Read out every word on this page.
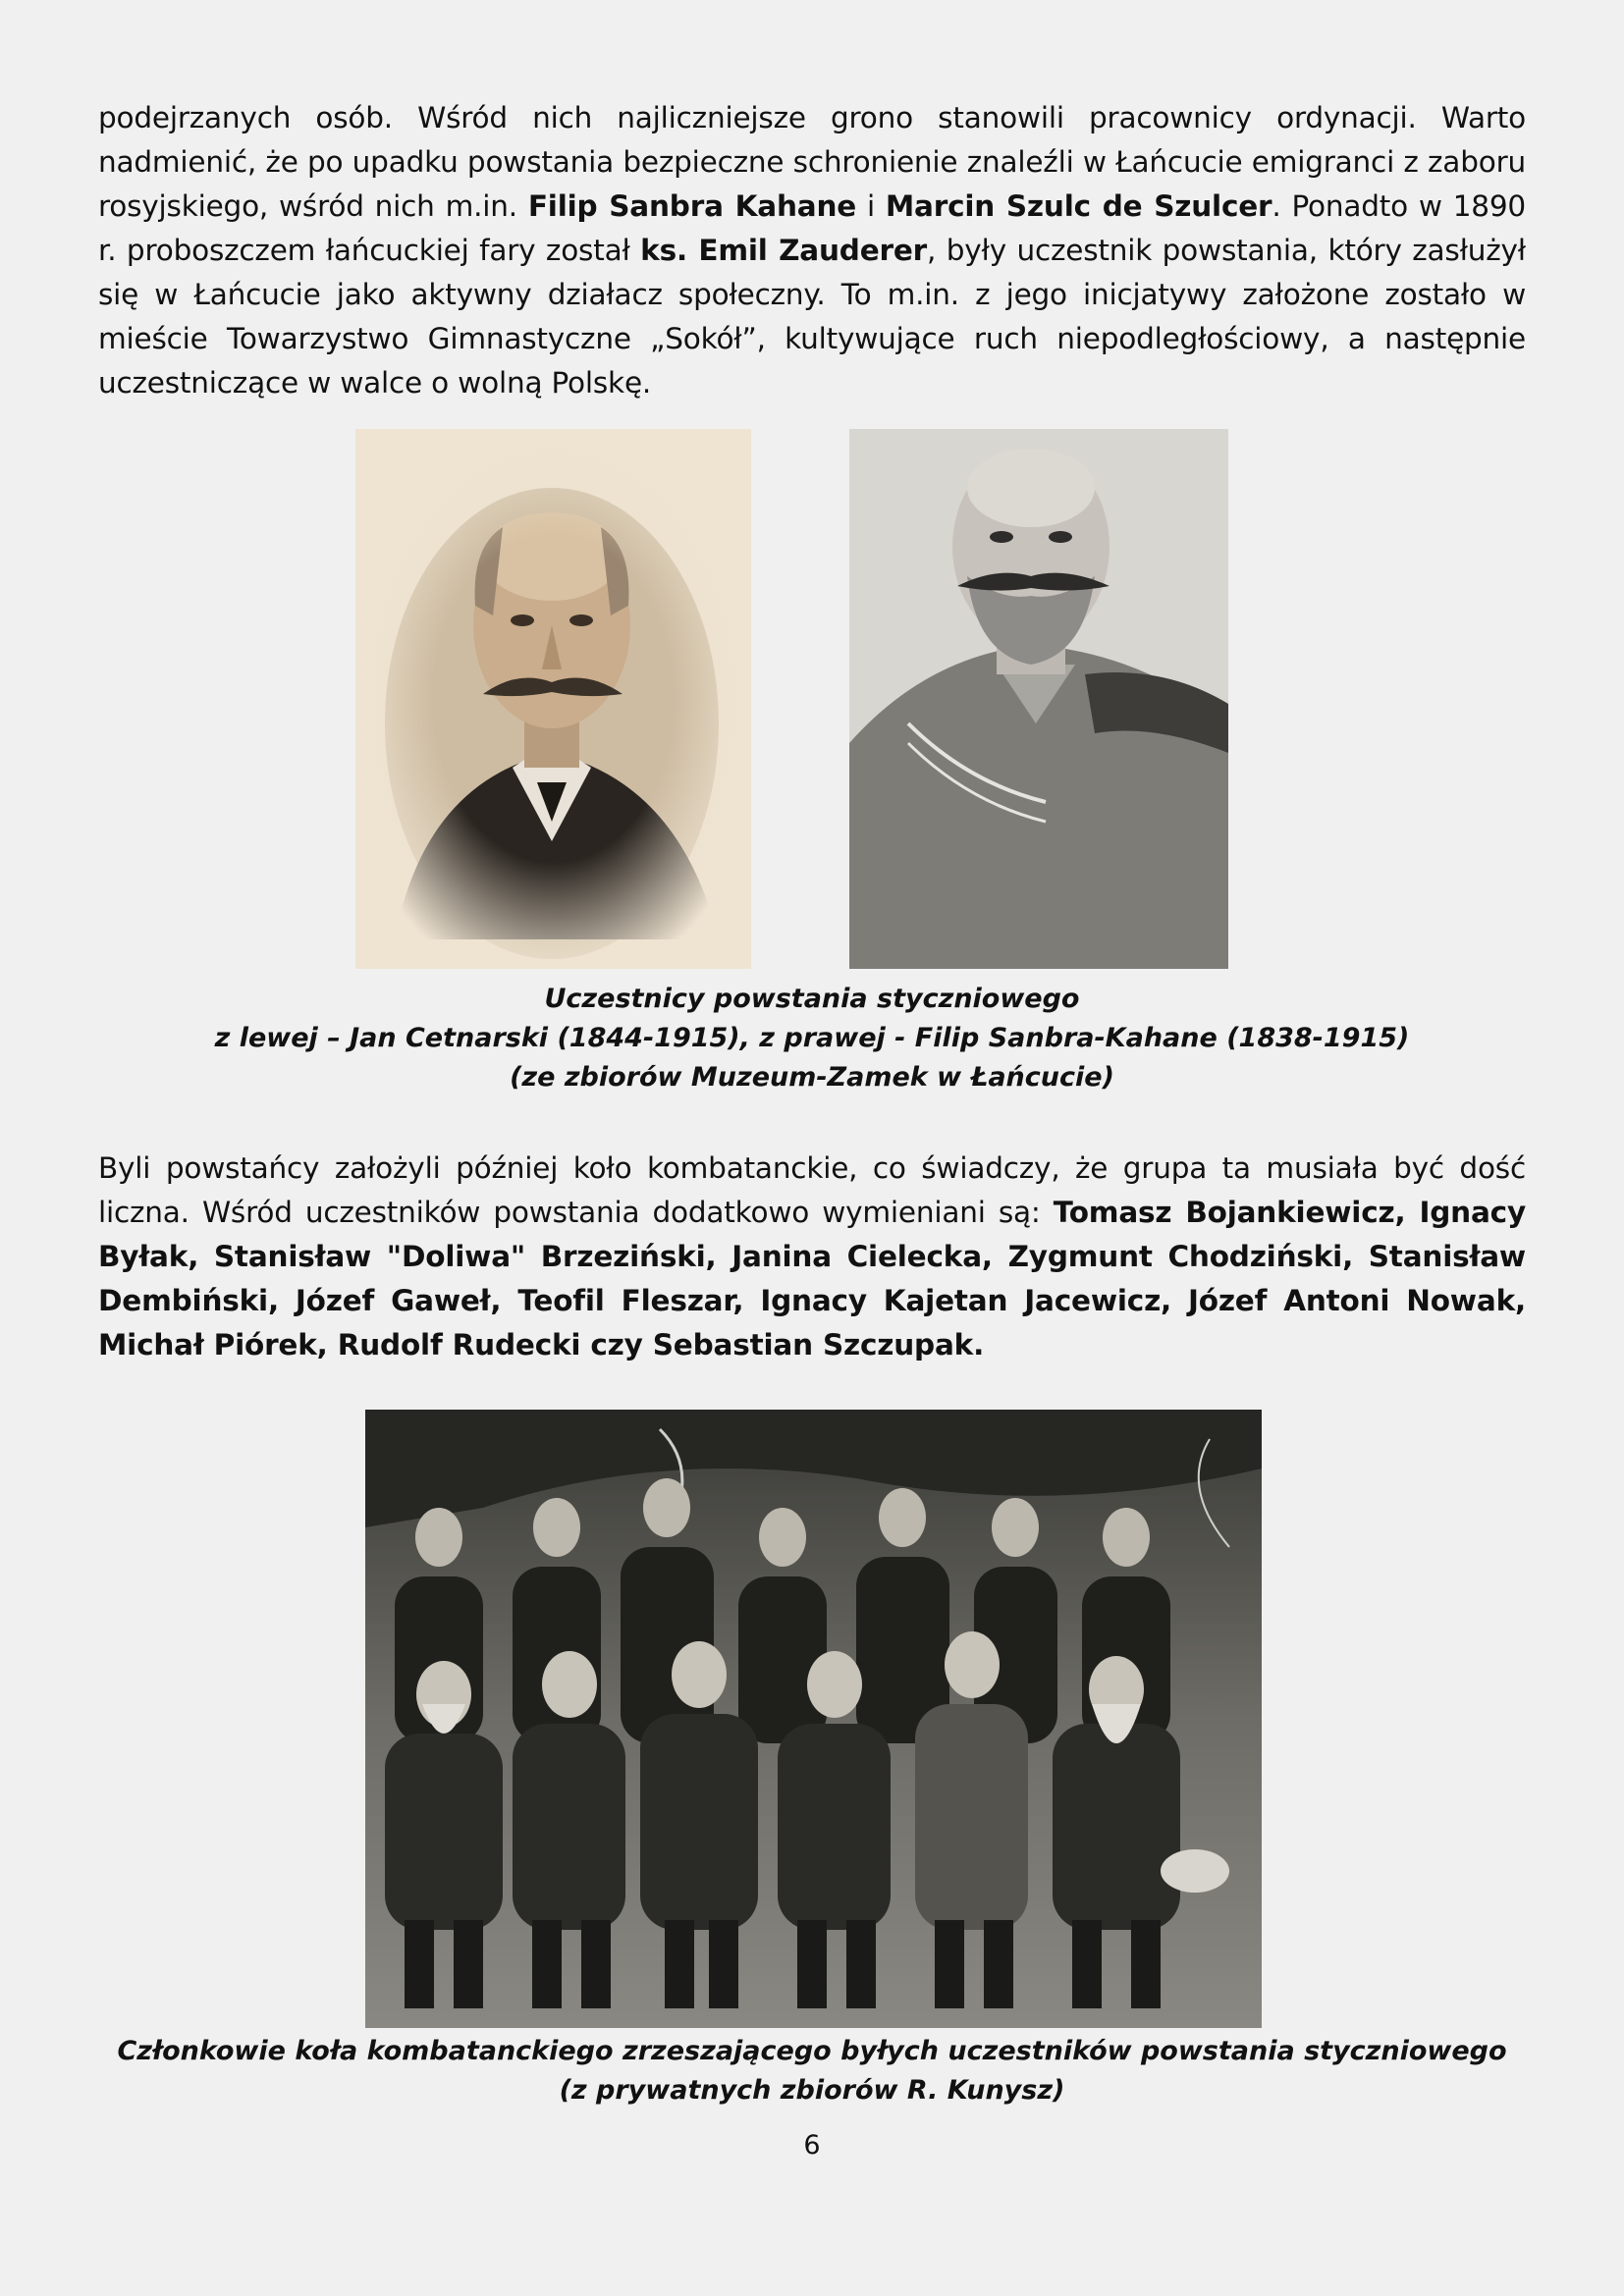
podejrzanych osób. Wśród nich najliczniejsze grono stanowili pracownicy ordynacji. Warto nadmienić, że po upadku powstania bezpieczne schronienie znaleźli w Łańcucie emigranci z zaboru rosyjskiego, wśród nich m.in. Filip Sanbra Kahane i Marcin Szulc de Szulcer. Ponadto w 1890 r. proboszczem łańcuckiej fary został ks. Emil Zauderer, były uczestnik powstania, który zasłużył się w Łańcucie jako aktywny działacz społeczny. To m.in. z jego inicjatywy założone zostało w mieście Towarzystwo Gimnastyczne „Sokół”, kultywujące ruch niepodległościowy, a następnie uczestniczące w walce o wolną Polskę.
Uczestnicy powstania styczniowego
z lewej – Jan Cetnarski (1844-1915), z prawej - Filip Sanbra-Kahane (1838-1915)
(ze zbiorów Muzeum-Zamek w Łańcucie)
Byli powstańcy założyli później koło kombatanckie, co świadczy, że grupa ta musiała być dość liczna. Wśród uczestników powstania dodatkowo wymieniani są: Tomasz Bojankiewicz, Ignacy Byłak, Stanisław "Doliwa" Brzeziński, Janina Cielecka, Zygmunt Chodziński, Stanisław Dembiński, Józef Gaweł, Teofil Fleszar, Ignacy Kajetan Jacewicz, Józef Antoni Nowak, Michał Piórek, Rudolf Rudecki czy Sebastian Szczupak.
Członkowie koła kombatanckiego zrzeszającego byłych uczestników powstania styczniowego
(z prywatnych zbiorów R. Kunysz)
6
